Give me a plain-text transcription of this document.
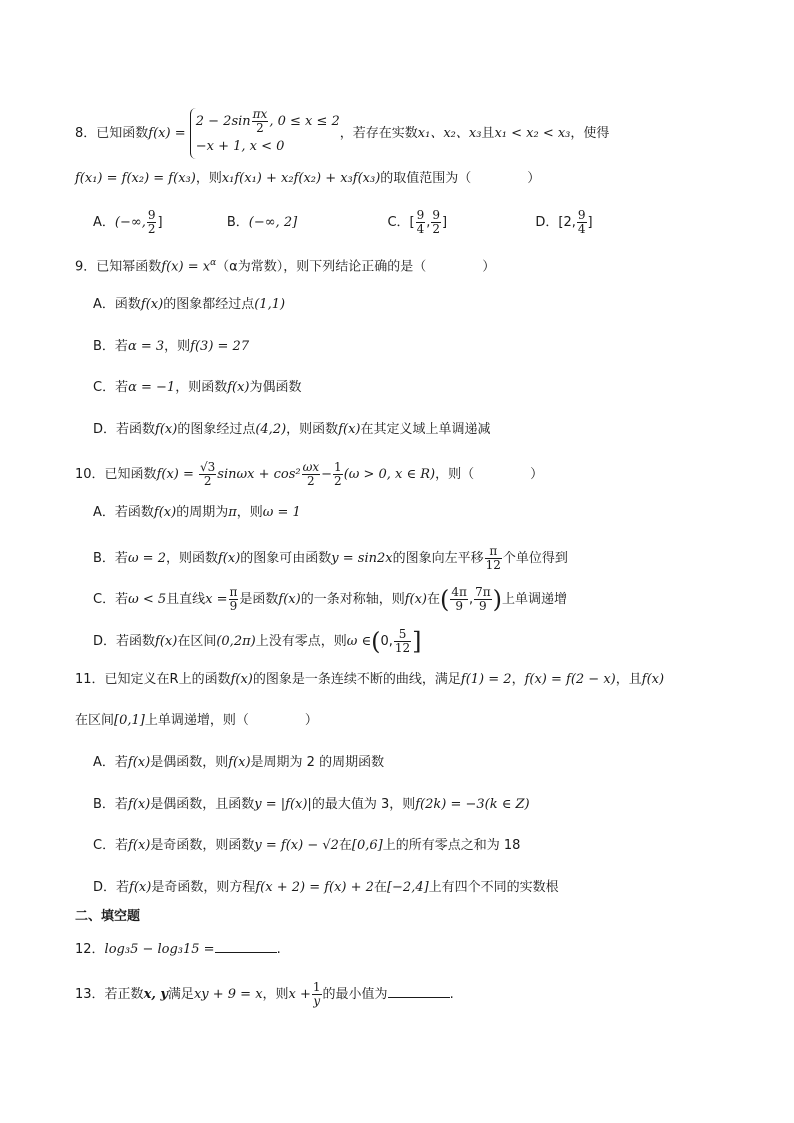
8．已知函数$f(x) = 2 - 2\sin \frac{\pi x}{2}$ , 0 ≤ x ≤ 2
−x + 1, x < 0，若存在实数x₁、x₂、x₃且x₁ < x₂ < x₃，使得
f(x₁) = f(x₂) = f(x₃)，则x₁f(x₁) + x₂f(x₂) + x₃f(x₃)的取值范围为（	）
A．(−∞, $\frac{9}{2}$ ]	B．(−∞, 2]	C．[ $\frac{9}{4}$ , $\frac{9}{2}$ ]	D．[2, $\frac{9}{4}$ ]
9．已知幂函数$f(x) = x^\alpha(\alpha$为常数），则下列结论正确的是（	）
A．函数f(x)的图象都经过点(1,1)
B．若α = 3，则f(3) = 27
C．若α = −1，则函数f(x)为偶函数
D．若函数f(x)的图象经过点(4,2)，则函数f(x)在其定义域上单调递减
10．已知函数$f(x) = \frac{√3}{2}$ $\sin\omega x + \cos^2 \frac{\omega x}{2} - \frac{1}{2} (\omega > 0$, x ∈ R)，则（	）
A．若函数f(x)的周期为π，则ω = 1
B．若ω = 2，则函数f(x)的图象可由函数y = sin2x的图象向左平移 $\frac{\pi}{12}$ 个单位得到
C．若ω < 5且直线$x = \frac{\pi}{9}$ 是函数f(x)的一条对称轴，则f(x)在( $\frac{4\pi}{9}$ , $\frac{7\pi}{9}$ )上单调递增
D．若函数f(x)在区间(0,2π)上没有零点，则ω ∈(0, $\frac{5}{12}$ ]
11．已知定义在R上的函数f(x)的图象是一条连续不断的曲线，满足f(1) = 2，f(x) = f(2 − x)，且f(x)
在区间[0,1]上单调递增，则（	）
A．若f(x)是偶函数，则f(x)是周期为 2 的周期函数
B．若f(x)是偶函数，且函数y = |f(x)|的最大值为 3，则f(2k) = −3(k ∈ Z)
C．若f(x)是奇函数，则函数y = f(x) − √2在[0,6]上的所有零点之和为 18
D．若f(x)是奇函数，则方程f(x + 2) = f(x) + 2在[−2,4]上有四个不同的实数根
二、填空题
12．log₃5 − log₃15 =	.
13．若正数x, y满足xy + 9 = x，则$x + \frac{1}{y}$ 的最小值为	.
